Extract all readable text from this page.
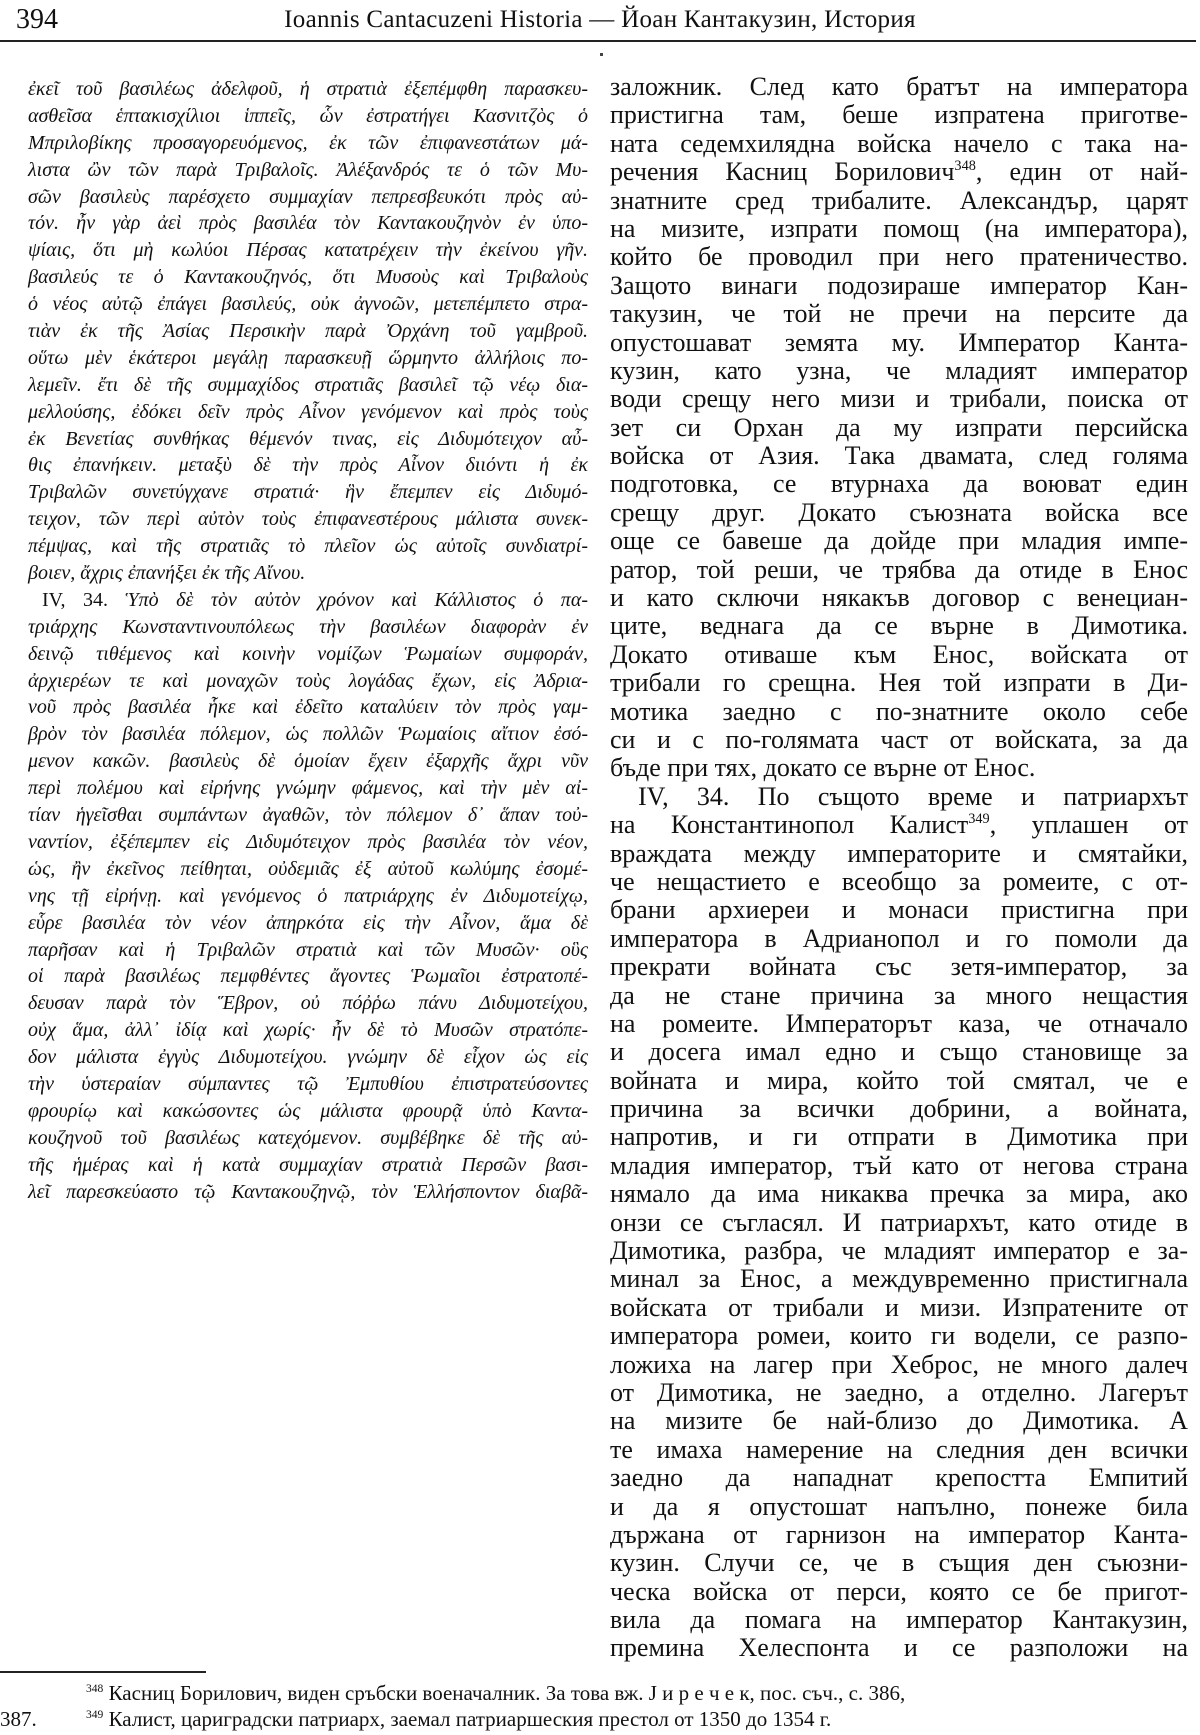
394	Ioannis Cantacuzeni Historia — Йоан Кантакузин, История
ἐκεῖ τοῦ βασιλέως ἀδελφοῦ, ἡ στρατιὰ ἐξεπέμφθη παρασκευ-
ασθεῖσα ἑπτακισχίλιοι ἱππεῖς, ὧν ἐστρατήγει Κασνιτζὸς ὁ
Μπριλοβίκης προσαγορευόμενος, ἐκ τῶν ἐπιφανεστάτων μά-
λιστα ὢν τῶν παρὰ Τριβαλοῖς. Ἀλέξανδρός τε ὁ τῶν Μυ-
σῶν βασιλεὺς παρέσχετο συμμαχίαν πεπρεσβευκότι πρὸς αὐ-
τόν. ἦν γὰρ ἀεὶ πρὸς βασιλέα τὸν Καντακουζηνὸν ἐν ὑπο-
ψίαις, ὅτι μὴ κωλύοι Πέρσας κατατρέχειν τὴν ἐκείνου γῆν.
βασιλεύς τε ὁ Καντακουζηνός, ὅτι Μυσοὺς καὶ Τριβαλοὺς
ὁ νέος αὐτῷ ἐπάγει βασιλεύς, οὐκ ἀγνοῶν, μετεπέμπετο στρα-
τιὰν ἐκ τῆς Ἀσίας Περσικὴν παρὰ Ὀρχάνη τοῦ γαμβροῦ.
οὕτω μὲν ἑκάτεροι μεγάλῃ παρασκευῇ ὥρμηντο ἀλλήλοις πο-
λεμεῖν. ἔτι δὲ τῆς συμμαχίδος στρατιᾶς βασιλεῖ τῷ νέῳ δια-
μελλούσης, ἐδόκει δεῖν πρὸς Αἶνον γενόμενον καὶ πρὸς τοὺς
ἐκ Βενετίας συνθήκας θέμενόν τινας, εἰς Διδυμότειχον αὖ-
θις ἐπανήκειν. μεταξὺ δὲ τὴν πρὸς Αἶνον διιόντι ἡ ἐκ
Τριβαλῶν συνετύγχανε στρατιά· ἣν ἔπεμπεν εἰς Διδυμό-
τειχον, τῶν περὶ αὐτὸν τοὺς ἐπιφανεστέρους μάλιστα συνεκ-
πέμψας, καὶ τῆς στρατιᾶς τὸ πλεῖον ὡς αὐτοῖς συνδιατρί-
βοιεν, ἄχρις ἐπανήξει ἐκ τῆς Αἴνου.
IV, 34. Ὑπὸ δὲ τὸν αὐτὸν χρόνον καὶ Κάλλιστος ὁ πα-
τριάρχης Κωνσταντινουπόλεως τὴν βασιλέων διαφορὰν ἐν
δεινῷ τιθέμενος καὶ κοινὴν νομίζων Ῥωμαίων συμφοράν,
ἀρχιερέων τε καὶ μοναχῶν τοὺς λογάδας ἔχων, εἰς Ἀδρια-
νοῦ πρὸς βασιλέα ἧκε καὶ ἐδεῖτο καταλύειν τὸν πρὸς γαμ-
βρὸν τὸν βασιλέα πόλεμον, ὡς πολλῶν Ῥωμαίοις αἴτιον ἐσό-
μενον κακῶν. βασιλεὺς δὲ ὁμοίαν ἔχειν ἐξαρχῆς ἄχρι νῦν
περὶ πολέμου καὶ εἰρήνης γνώμην φάμενος, καὶ τὴν μὲν αἰ-
τίαν ἡγεῖσθαι συμπάντων ἀγαθῶν, τὸν πόλεμον δ᾿ ἅπαν τοὐ-
ναντίον, ἐξέπεμπεν εἰς Διδυμότειχον πρὸς βασιλέα τὸν νέον,
ὡς, ἢν ἐκεῖνος πείθηται, οὐδεμιᾶς ἐξ αὐτοῦ κωλύμης ἐσομέ-
νης τῇ εἰρήνῃ. καὶ γενόμενος ὁ πατριάρχης ἐν Διδυμοτείχῳ,
εὗρε βασιλέα τὸν νέον ἀπηρκότα εἰς τὴν Αἶνον, ἅμα δὲ
παρῆσαν καὶ ἡ Τριβαλῶν στρατιὰ καὶ τῶν Μυσῶν· οὓς
οἱ παρὰ βασιλέως πεμφθέντες ἄγοντες Ῥωμαῖοι ἐστρατοπέ-
δευσαν παρὰ τὸν Ἕβρον, οὐ πόῤῥω πάνυ Διδυμοτείχου,
οὐχ ἅμα, ἀλλ᾿ ἰδίᾳ καὶ χωρίς· ἦν δὲ τὸ Μυσῶν στρατόπε-
δον μάλιστα ἐγγὺς Διδυμοτείχου. γνώμην δὲ εἶχον ὡς εἰς
τὴν ὑστεραίαν σύμπαντες τῷ Ἐμπυθίου ἐπιστρατεύσοντες
φρουρίῳ καὶ κακώσοντες ὡς μάλιστα φρουρᾷ ὑπὸ Καντα-
κουζηνοῦ τοῦ βασιλέως κατεχόμενον. συμβέβηκε δὲ τῆς αὐ-
τῆς ἡμέρας καὶ ἡ κατὰ συμμαχίαν στρατιὰ Περσῶν βασι-
λεῖ παρεσκεύαστο τῷ Καντακουζηνῷ, τὸν Ἑλλήσποντον διαβᾶ-
заложник. След като братът на императора
пристигна там, беше изпратена приготве-
ната седемхилядна войска начело с така на-
речения Касниц Борилович$^{348}$, един от най-
знатните сред трибалите. Александър, царят
на мизите, изпрати помощ (на императора),
който бе проводил при него пратеничество.
Защото винаги подозираше император Кан-
такузин, че той не пречи на персите да
опустошават земята му. Император Канта-
кузин, като узна, че младият император
води срещу него мизи и трибали, поиска от
зет си Орхан да му изпрати персийска
войска от Азия. Така двамата, след голяма
подготовка, се втурнаха да воюват един
срещу друг. Докато съюзната войска все
още се бавеше да дойде при младия импе-
ратор, той реши, че трябва да отиде в Енос
и като сключи някакъв договор с венециан-
ците, веднага да се върне в Димотика.
Докато отиваше към Енос, войската от
трибали го срещна. Нея той изпрати в Ди-
мотика заедно с по-знатните около себе
си и с по-голямата част от войската, за да
бъде при тях, докато се върне от Енос.
IV, 34. По същото време и патриархът
на Константинопол Калист$^{349}$, уплашен от
враждата между императорите и смятайки,
че нещастието е всеобщо за ромеите, с от-
брани архиереи и монаси пристигна при
императора в Адрианопол и го помоли да
прекрати войната със зетя-император, за
да не стане причина за много нещастия
на ромеите. Императорът каза, че отначало
и досега имал едно и също становище за
войната и мира, който той смятал, че е
причина за всички добрини, а войната,
напротив, и ги отпрати в Димотика при
младия император, тъй като от негова страна
нямало да има никаква пречка за мира, ако
онзи се съгласял. И патриархът, като отиде в
Димотика, разбра, че младият император е за-
минал за Енос, а междувременно пристигнала
войската от трибали и мизи. Изпратените от
императора ромеи, които ги водели, се разпо-
ложиха на лагер при Хеброс, не много далеч
от Димотика, не заедно, а отделно. Лагерът
на мизите бе най-близо до Димотика. А
те имаха намерение на следния ден всички
заедно да нападнат крепостта Емпитий
и да я опустошат напълно, понеже била
държана от гарнизон на император Канта-
кузин. Случи се, че в същия ден съюзни-
ческа войска от перси, която се бе пригот-
вила да помага на император Кантакузин,
премина Хелеспонта и се разположи на
$^{348}$ Касниц Борилович, виден сръбски военачалник. За това вж. Ј и р е ч е к, пос. съч., с. 386,
387.	$^{349}$ Калист, цариградски патриарх, заемал патриаршеския престол от 1350 до 1354 г.
